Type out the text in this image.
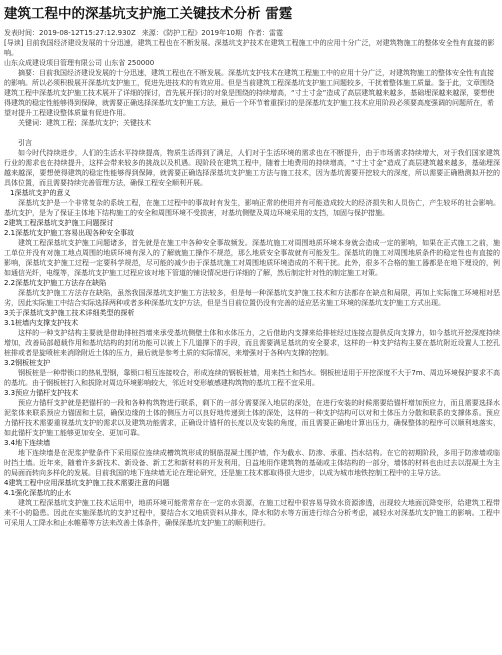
建筑工程中的深基坑支护施工关键技术分析 雷霆
发表时间：2019-08-12T15:27:12.930Z 来源：《防护工程》2019年10期 作者：雷霆
[导读] 目前我国经济建设发展的十分迅速，建筑工程也在不断发展。深基坑支护技术在建筑工程施工中的应用十分广泛，对建筑物施工的整体安全性有直接的影响。
山东众成建设项目管理有限公司 山东省 250000
摘要：目前我国经济建设发展的十分迅速，建筑工程也在不断发展。深基坑支护技术在建筑工程施工中的应用十分广泛，对建筑物施工的整体安全性有直接的影响。所以必须积极展开深基坑支护施工，促进先进技术的有效应用。但是当前建筑工程深基坑支护施工问题较多，干扰着整体施工质量。鉴于此，文章围绕建筑工程中深基坑支护施工技术展开了详细的探讨，首先展开探讨的对象是围绕的持续增高，“寸土寸金”造成了高层建筑越来越多，基础埋深越来越深，要想使得建筑的稳定性能够得到保障，就需要正确选择深基坑支护施工方法，最后一个环节着重探讨的是深基坑支护施工技术应用阶段必须要高度强调的问题所在，希望对提升工程建设整体质量有促进作用。
关键词：建筑工程；深基坑支护；关键技术
引言
如今时代持续进步，人们的生活水平持续提高，物质生活得到了满足，人们对于生活环境的需求也在不断提升，由于市场需求持续增大，对于我们国家建筑行业的需求也在持续提升，这样会带来较多的挑战以及机遇。现阶段在建筑工程中，随着土地费用的持续增高，“寸土寸金”造成了高层建筑越来越多，基础埋深越来越深，要想使得建筑的稳定性能够得到保障，就需要正确选择深基坑支护施工方法与施工技术，因为基坑需要开挖较大的深度，所以需要正确勘测拟开挖的具体位置，而且需要持续完善管理方法，确保工程安全顺利开展。
1深基坑支护的意义
深基坑支护是一个非常复杂的系统工程，在施工过程中的事故时有发生，影响正常的使用并有可能造成较大的经济损失和人员伤亡，产生较坏的社会影响。基坑支护，是为了保证主体地下结构施工的安全和周围环境不受损害，对基坑侧壁及周边环境采用的支挡，加固与保护措施。
2建筑工程深基坑支护施工问题探讨
2.1深基坑支护施工容易出现各种安全事故
建筑工程深基坑支护施工问题诸多，首先就是在施工中各种安全事故频发。深基坑施工对周围地质环境本身就会造成一定的影响，如果在正式施工之前，施工单位并没有对施工地点周围的地质环境有深入的了解就施工操作不规范，那么地质安全事故就有可能发生。深基坑的施工对周围地质条件的稳定性也有直接的影响，深基坑支护施工过程一定要科学规范，尽可能的减少由于深基坑施工对周围地质环境造成的不利干扰。此外，很多不合格的施工器都是在地下埋设的，例如通信光纤，电缆等，深基坑支护施工过程应该对地下管道的铺设情况进行详细的了解，然后制定针对性的制定施工对策。
2.2深基坑支护施工方法存在缺陷
深基坑支护施工方法存在缺陷，虽然我国深基坑支护施工方法较多，但是每一种深基坑支护施工技术和方法都存在缺点和局限，再加上实际施工环境相对恶劣，因此实际施工中结合实际选择两种或者多种深基坑支护方法，但是当目前位置仍没有完善的适应恶劣施工环境的深基坑支护施工方式出现。
3关于深基坑支护施工技术详细类型的探析
3.1桩墙内支撑支护技术
这样的一种支护结构主要就是借助排桩挡墙来承受基坑侧壁土体和水体压力，之后借助内支撑来给排桩经过连接点提供反向支撑力，如今基坑开挖深度持续增加，改善局部超载作用和基坑结构的封闭功能可以被上下几道撑下的手段，而且需要满足基坑的安全要求，这样的一种支护结构主要在基坑附近设置人工挖孔桩排或者是旋喷桩来消除附近土体的压力，最后就是参考土质的实际情况，来增强对于各种内支撑的控制。
3.2钢板桩支护
钢板桩是一种带锁口的热轧型钢，靠锁口相互连接咬合，形成连续的钢板桩墙，用来挡土和挡水。钢板桩适用于开挖深度不大于7m、周边环境保护要求不高的基坑。由于钢板桩打入和拔除对周边环境影响较大，邻近对变形敏感建构筑物的基坑工程不宜采用。
3.3预应力锚杆支护技术
预应力锚杆支护就是把锚杆的一段和各种构筑物进行联系，剩下的一部分需要深入地层的深处，在进行安装的时候需要给锚杆增加预应力，而且需要选择水泥浆体来联系预应力锚固和土层，确保边缘的土体的侧压力可以良好地传递到土体的深处，这样的一种支护结构可以对和土体压力分散和联系的支撑体系。预应力锚杆技术需要重视基坑支护的需求以及建筑功能需求，正确设计锚杆的长度以及安装的角度，而且需要正确地计算出压力，确保整体的程序可以顺利地落实，如此锚杆支护施工能够更加安全、更加可靠。
3.4地下连续墙
地下连续墙是在泥浆护壁条件下采用原位连续成槽筑筑形成的钢筋混凝土围护墙，作为截水、防渗、承重、挡水结构。在它的初期阶段，多用于防渗墙或临时挡土墙。近年来，随着许多新技术、新设备、新工艺和新材料的开发利用，日益地用作建筑物的基础或主体结构的一部分，墙体的材料也由过去以混凝土为主的局面而转向多样化的发展。目前我国的地下连续墙无论在理论研究，还是施工技术都取得很大进步，以成为城市地铁控制工程中的主导方法。
4建筑工程中应用深基坑支护施工技术需要注意的问题
4.1强化深基坑的止水
建筑工程深基坑支护施工技术运用中，地质环境可能常常存在一定的水资源，在施工过程中很容易导致水资源渗透，出现较大地面沉降变形，给建筑工程带来不小的隐患。因此在实施深基坑的支护过程中，要结合水文地质资料从排水，降水和防水等方面进行综合分析考虑，减轻水对深基坑支护施工的影响。工程中可采用人工降水和止水帷幕等方法来改善土体条件，确保深基坑支护施工的顺利进行。
